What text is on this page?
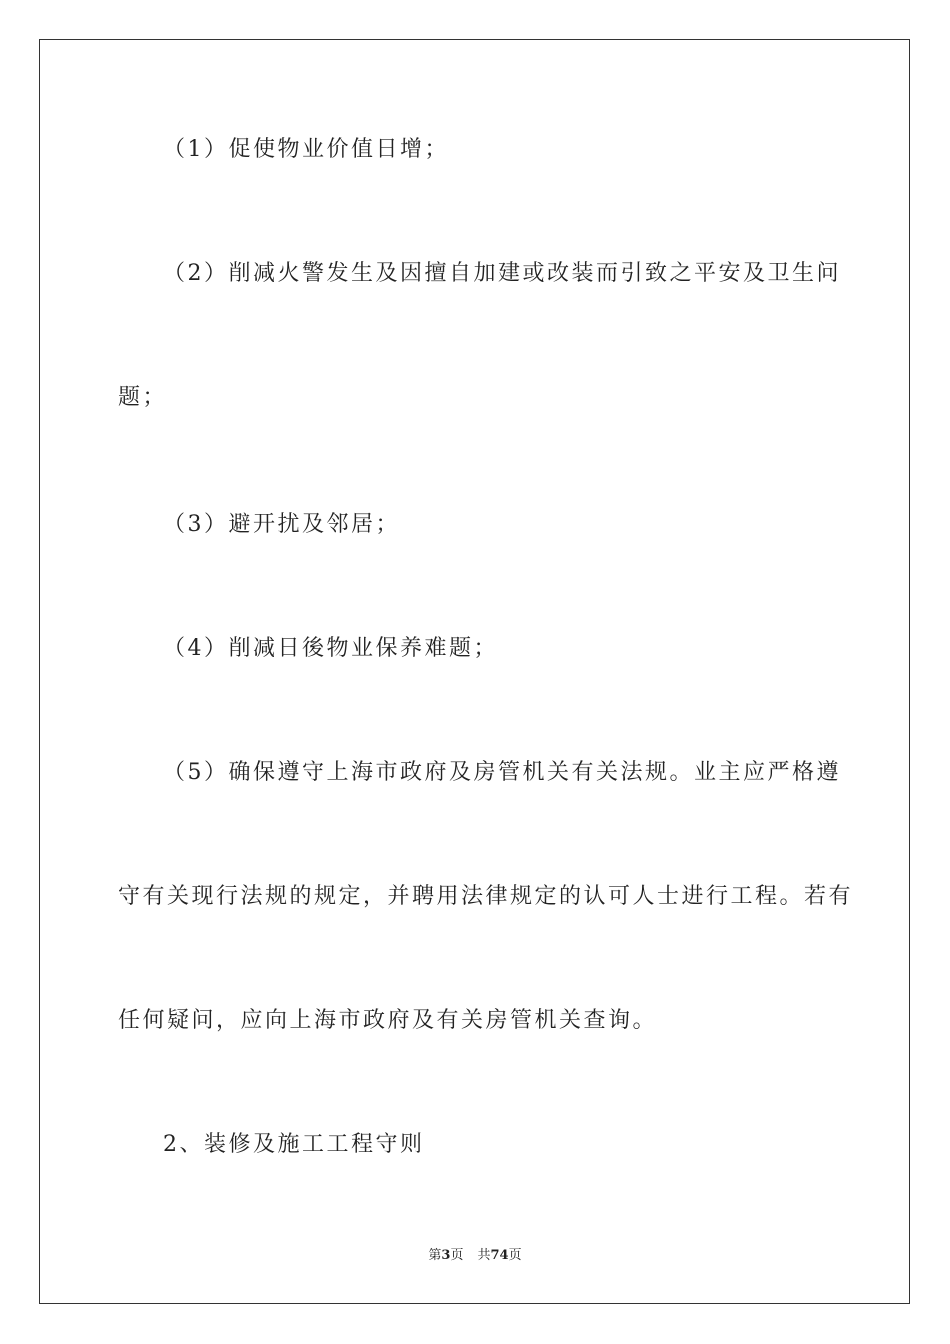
（1）促使物业价值日增；
（2）削减火警发生及因擅自加建或改装而引致之平安及卫生问
题；
（3）避开扰及邻居；
（4）削减日後物业保养难题；
（5）确保遵守上海市政府及房管机关有关法规。业主应严格遵
守有关现行法规的规定，并聘用法律规定的认可人士进行工程。若有
任何疑问，应向上海市政府及有关房管机关查询。
2、装修及施工工程守则
第3页 共74页
